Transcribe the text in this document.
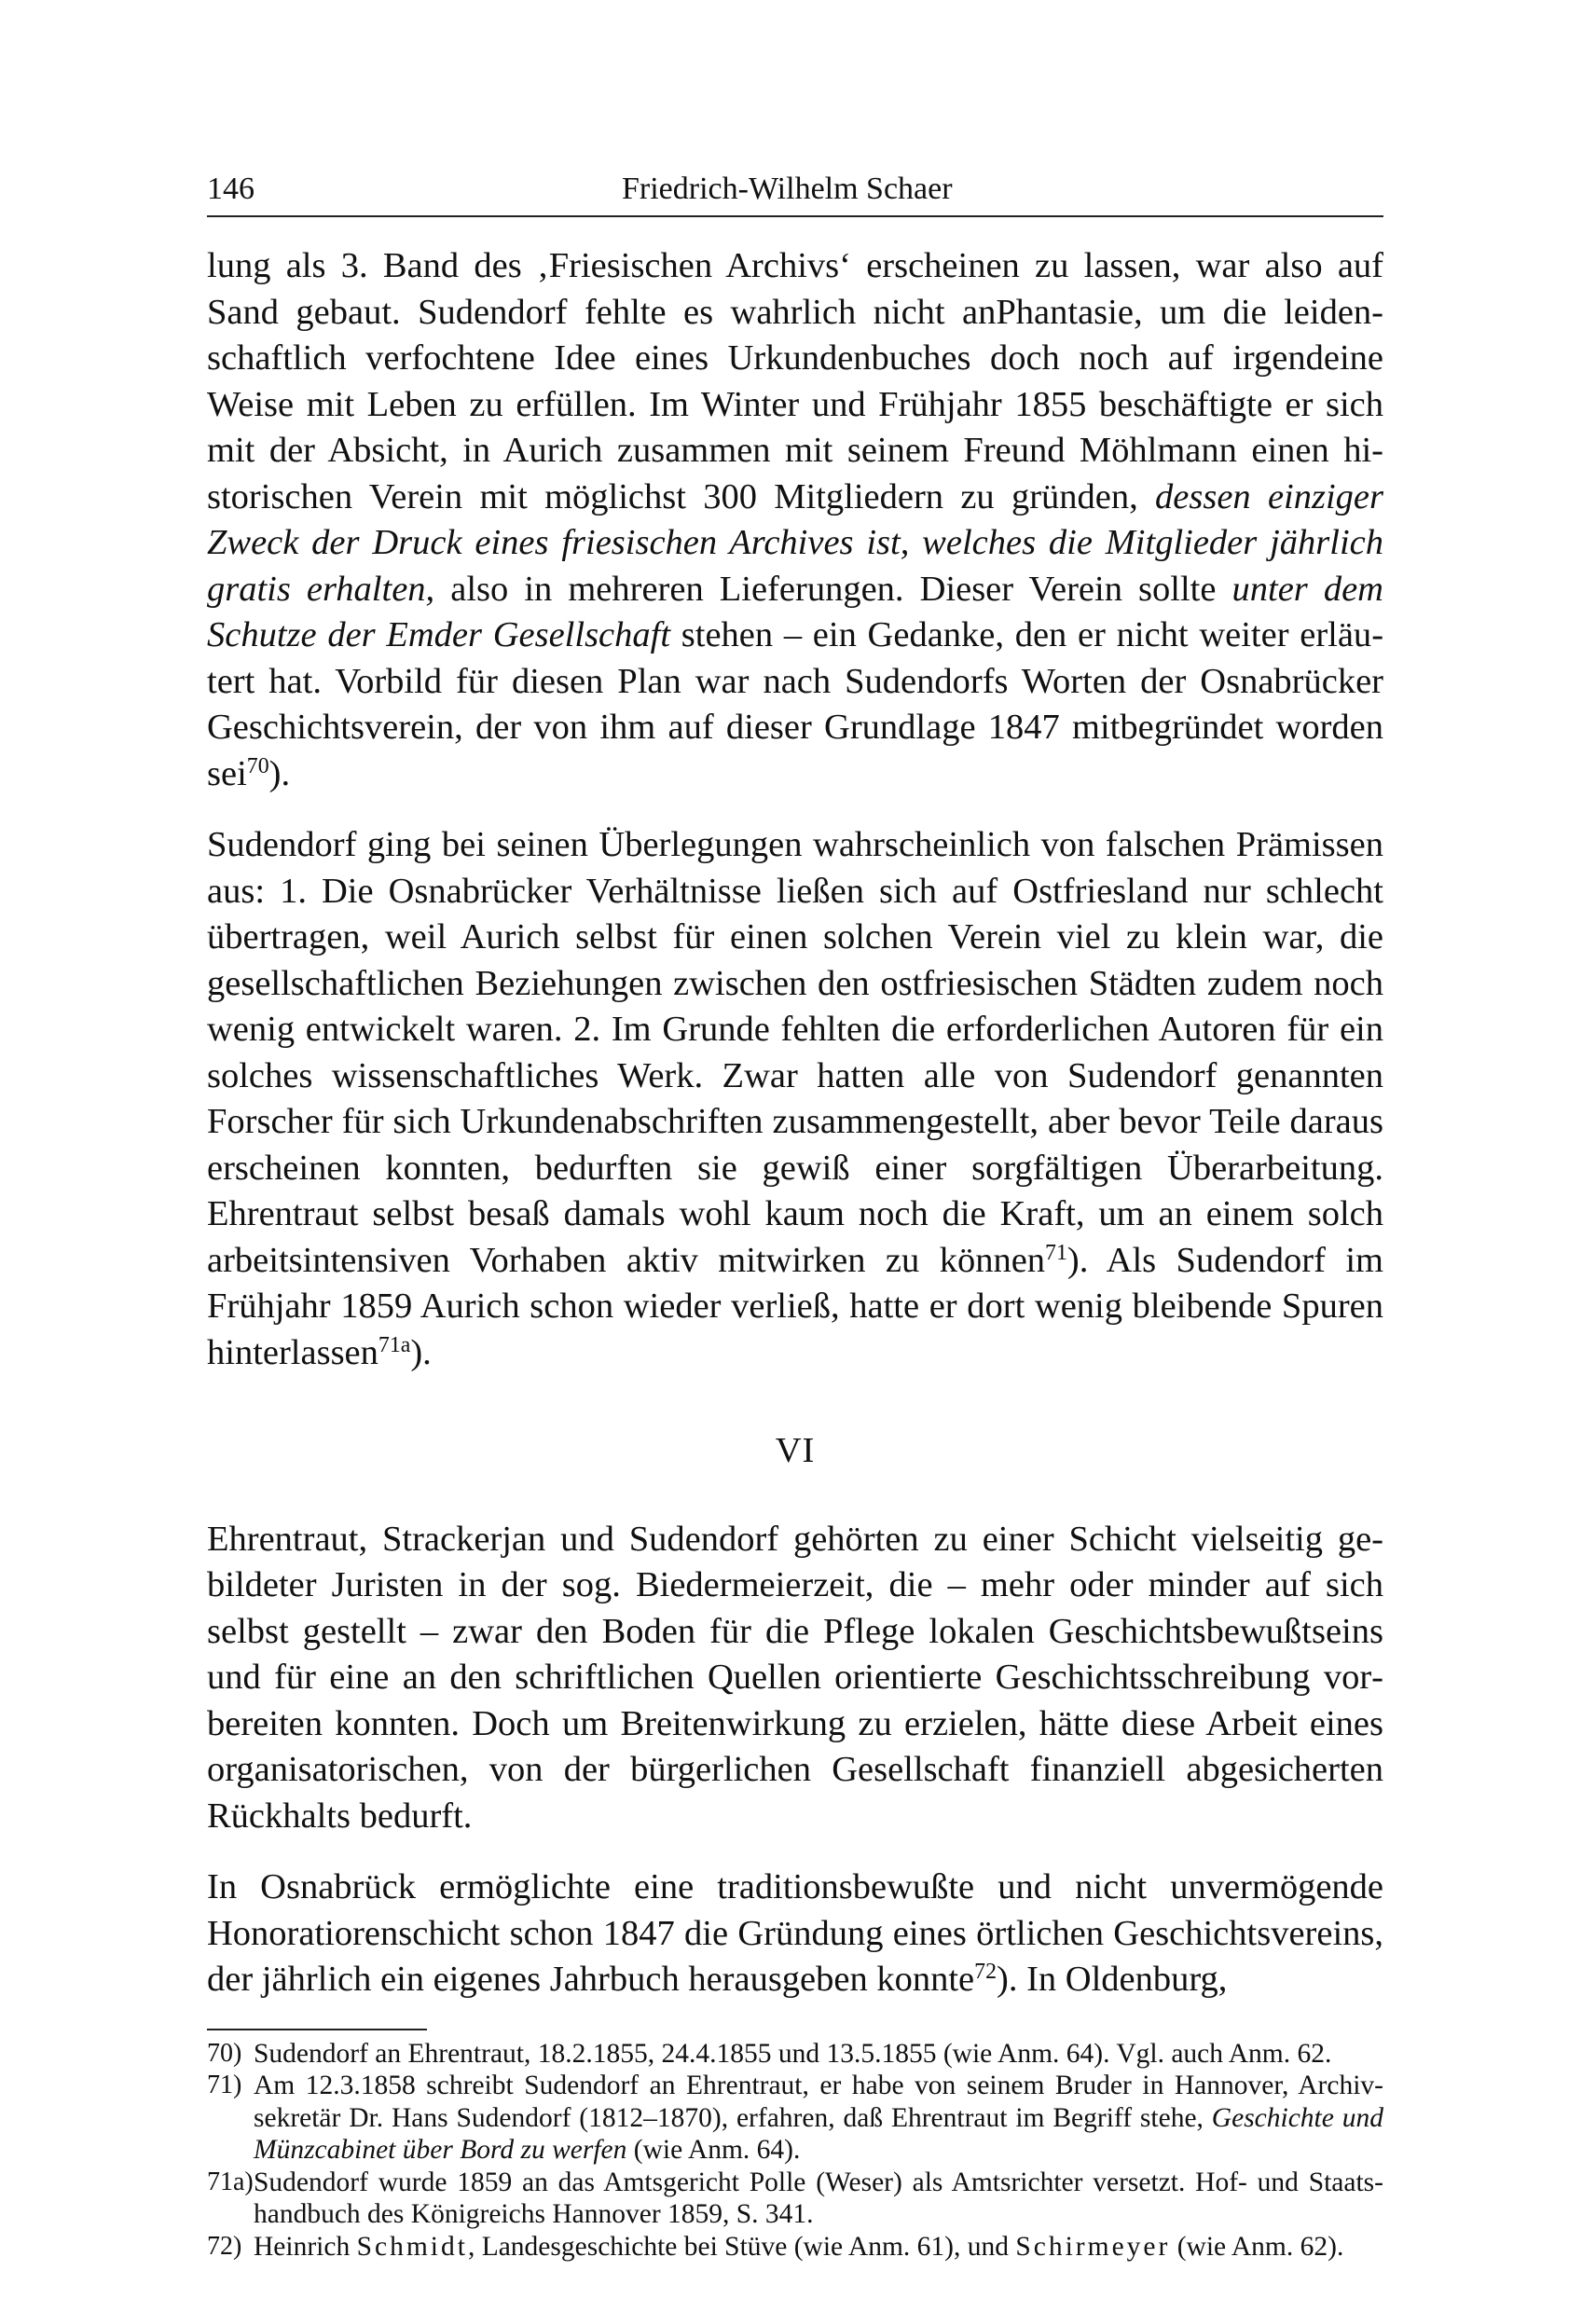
146	Friedrich-Wilhelm Schaer

lung als 3. Band des ‚Friesischen Archivs‘ erscheinen zu lassen, war also auf Sand gebaut. Sudendorf fehlte es wahrlich nicht anPhantasie, um die leidenschaftlich verfochtene Idee eines Urkundenbuches doch noch auf irgendeine Weise mit Leben zu erfüllen. Im Winter und Frühjahr 1855 beschäftigte er sich mit der Absicht, in Aurich zusammen mit seinem Freund Möhlmann einen historischen Verein mit möglichst 300 Mitgliedern zu gründen, dessen einziger Zweck der Druck eines friesischen Archives ist, welches die Mitglieder jährlich gratis erhalten, also in mehreren Lieferungen. Dieser Verein sollte unter dem Schutze der Emder Gesellschaft stehen – ein Gedanke, den er nicht weiter erläutert hat. Vorbild für diesen Plan war nach Sudendorfs Worten der Osnabrücker Geschichtsverein, der von ihm auf dieser Grundlage 1847 mitbegründet worden sei$^{70}$).

Sudendorf ging bei seinen Überlegungen wahrscheinlich von falschen Prämissen aus: 1. Die Osnabrücker Verhältnisse ließen sich auf Ostfriesland nur schlecht übertragen, weil Aurich selbst für einen solchen Verein viel zu klein war, die gesellschaftlichen Beziehungen zwischen den ostfriesischen Städten zudem noch wenig entwickelt waren. 2. Im Grunde fehlten die erforderlichen Autoren für ein solches wissenschaftliches Werk. Zwar hatten alle von Sudendorf genannten Forscher für sich Urkundenabschriften zusammengestellt, aber bevor Teile daraus erscheinen konnten, bedurften sie gewiß einer sorgfältigen Überarbeitung. Ehrentraut selbst besaß damals wohl kaum noch die Kraft, um an einem solch arbeitsintensiven Vorhaben aktiv mitwirken zu können$^{71}$). Als Sudendorf im Frühjahr 1859 Aurich schon wieder verließ, hatte er dort wenig bleibende Spuren hinterlassen$^{71a}$).

VI

Ehrentraut, Strackerjan und Sudendorf gehörten zu einer Schicht vielseitig gebildeter Juristen in der sog. Biedermeierzeit, die – mehr oder minder auf sich selbst gestellt – zwar den Boden für die Pflege lokalen Geschichtsbewußtseins und für eine an den schriftlichen Quellen orientierte Geschichtsschreibung vorbereiten konnten. Doch um Breitenwirkung zu erzielen, hätte diese Arbeit eines organisatorischen, von der bürgerlichen Gesellschaft finanziell abgesicherten Rückhalts bedurft.

In Osnabrück ermöglichte eine traditionsbewußte und nicht unvermögende Honoratiorenschicht schon 1847 die Gründung eines örtlichen Geschichtsvereins, der jährlich ein eigenes Jahrbuch herausgeben konnte$^{72}$). In Oldenburg,

70) Sudendorf an Ehrentraut, 18.2.1855, 24.4.1855 und 13.5.1855 (wie Anm. 64). Vgl. auch Anm. 62.

71) Am 12.3.1858 schreibt Sudendorf an Ehrentraut, er habe von seinem Bruder in Hannover, Archivsekretär Dr. Hans Sudendorf (1812–1870), erfahren, daß Ehrentraut im Begriff stehe, Geschichte und Münzcabinet über Bord zu werfen (wie Anm. 64).

71a) Sudendorf wurde 1859 an das Amtsgericht Polle (Weser) als Amtsrichter versetzt. Hof- und Staatshandbuch des Königreichs Hannover 1859, S. 341.

72) Heinrich Schmidt, Landesgeschichte bei Stüve (wie Anm. 61), und Schirmeyer (wie Anm. 62).
